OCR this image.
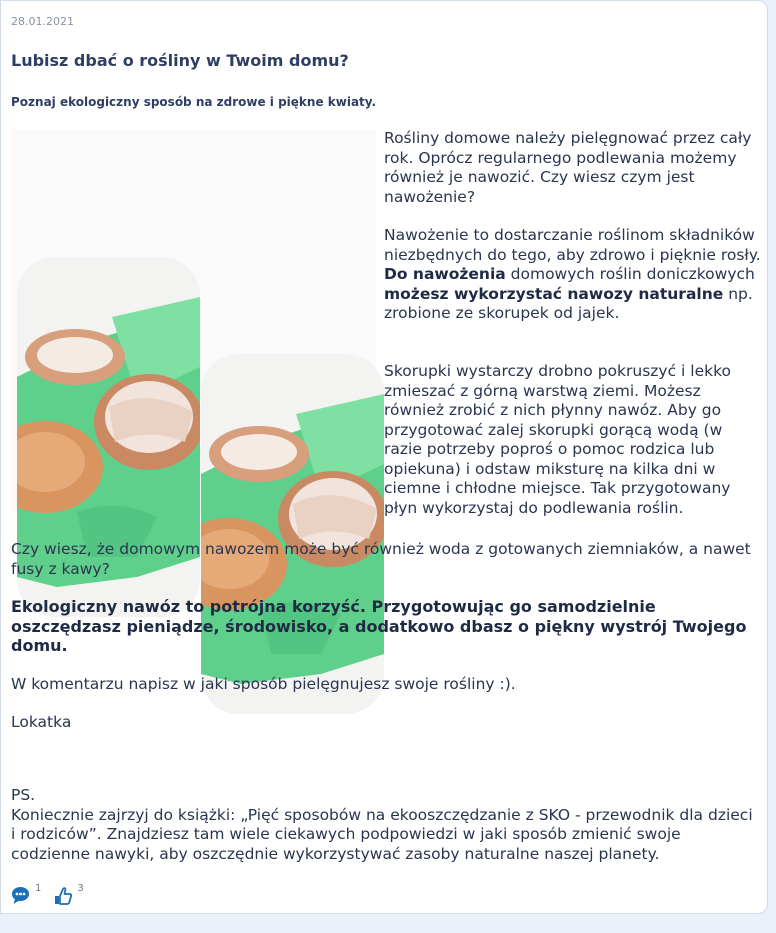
28.01.2021
Lubisz dbać o rośliny w Twoim domu?
Poznaj ekologiczny sposób na zdrowe i piękne kwiaty.

Rośliny domowe należy pielęgnować przez cały rok. Oprócz regularnego podlewania możemy również je nawozić. Czy wiesz czym jest nawożenie?

Nawożenie to dostarczanie roślinom składników niezbędnych do tego, aby zdrowo i pięknie rosły. Do nawożenia domowych roślin doniczkowych możesz wykorzystać nawozy naturalne np. zrobione ze skorupek od jajek.

Skorupki wystarczy drobno pokruszyć i lekko zmieszać z górną warstwą ziemi. Możesz również zrobić z nich płynny nawóz. Aby go przygotować zalej skorupki gorącą wodą (w razie potrzeby poproś o pomoc rodzica lub opiekuna) i odstaw miksturę na kilka dni w ciemne i chłodne miejsce. Tak przygotowany płyn wykorzystaj do podlewania roślin.

Czy wiesz, że domowym nawozem może być również woda z gotowanych ziemniaków, a nawet fusy z kawy?

Ekologiczny nawóz to potrójna korzyść. Przygotowując go samodzielnie oszczędzasz pieniądze, środowisko, a dodatkowo dbasz o piękny wystrój Twojego domu.

W komentarzu napisz w jaki sposób pielęgnujesz swoje rośliny :).

Lokatka

PS.
Koniecznie zajrzyj do książki: „Pięć sposobów na ekooszczędzanie z SKO - przewodnik dla dzieci i rodziców”. Znajdziesz tam wiele ciekawych podpowiedzi w jaki sposób zmienić swoje codzienne nawyki, aby oszczędnie wykorzystywać zasoby naturalne naszej planety.

1	3
